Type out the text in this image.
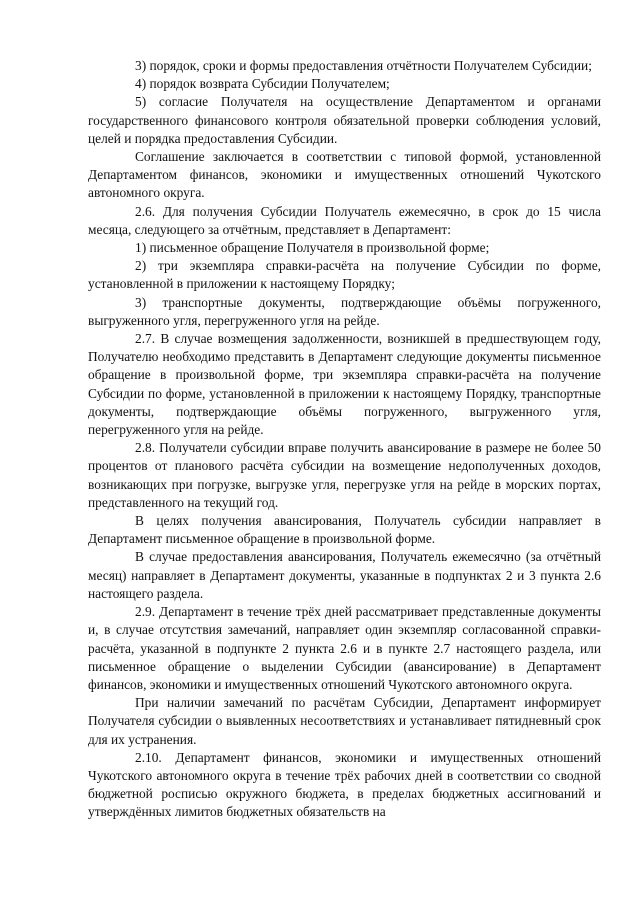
3) порядок, сроки и формы предоставления отчётности Получателем Субсидии;

4) порядок возврата Субсидии Получателем;

5) согласие Получателя на осуществление Департаментом и органами государственного финансового контроля обязательной проверки соблюдения условий, целей и порядка предоставления Субсидии.

Соглашение заключается в соответствии с типовой формой, установленной Департаментом финансов, экономики и имущественных отношений Чукотского автономного округа.

2.6. Для получения Субсидии Получатель ежемесячно, в срок до 15 числа месяца, следующего за отчётным, представляет в Департамент:

1) письменное обращение Получателя в произвольной форме;

2) три экземпляра справки-расчёта на получение Субсидии по форме, установленной в приложении к настоящему Порядку;

3) транспортные документы, подтверждающие объёмы погруженного, выгруженного угля, перегруженного угля на рейде.

2.7. В случае возмещения задолженности, возникшей в предшествующем году, Получателю необходимо представить в Департамент следующие документы письменное обращение в произвольной форме, три экземпляра справки-расчёта на получение Субсидии по форме, установленной в приложении к настоящему Порядку, транспортные документы, подтверждающие объёмы погруженного, выгруженного угля, перегруженного угля на рейде.

2.8. Получатели субсидии вправе получить авансирование в размере не более 50 процентов от планового расчёта субсидии на возмещение недополученных доходов, возникающих при погрузке, выгрузке угля, перегрузке угля на рейде в морских портах, представленного на текущий год.

В целях получения авансирования, Получатель субсидии направляет в Департамент письменное обращение в произвольной форме.

В случае предоставления авансирования, Получатель ежемесячно (за отчётный месяц) направляет в Департамент документы, указанные в подпунктах 2 и 3 пункта 2.6 настоящего раздела.

2.9. Департамент в течение трёх дней рассматривает представленные документы и, в случае отсутствия замечаний, направляет один экземпляр согласованной справки-расчёта, указанной в подпункте 2 пункта 2.6 и в пункте 2.7 настоящего раздела, или письменное обращение о выделении Субсидии (авансирование) в Департамент финансов, экономики и имущественных отношений Чукотского автономного округа.

При наличии замечаний по расчётам Субсидии, Департамент информирует Получателя субсидии о выявленных несоответствиях и устанавливает пятидневный срок для их устранения.

2.10. Департамент финансов, экономики и имущественных отношений Чукотского автономного округа в течение трёх рабочих дней в соответствии со сводной бюджетной росписью окружного бюджета, в пределах бюджетных ассигнований и утверждённых лимитов бюджетных обязательств на
